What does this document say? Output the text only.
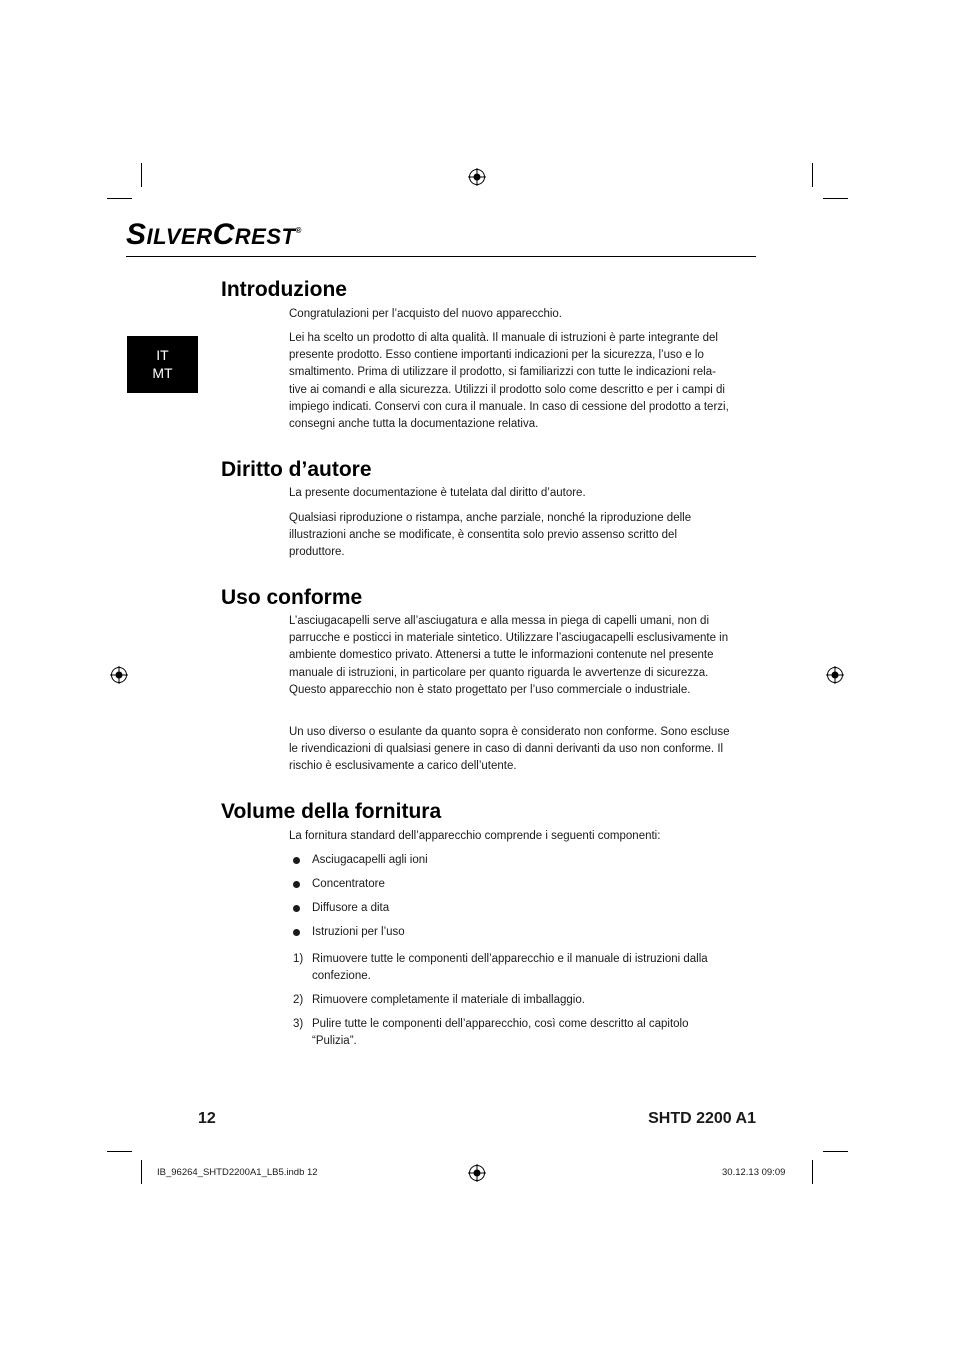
SILVERCREST®
IT
MT
Introduzione

Congratulazioni per l’acquisto del nuovo apparecchio.

Lei ha scelto un prodotto di alta qualità. Il manuale di istruzioni è parte integrante del presente prodotto. Esso contiene importanti indicazioni per la sicurezza, l’uso e lo smaltimento. Prima di utilizzare il prodotto, si familiarizzi con tutte le indicazioni rela- tive ai comandi e alla sicurezza. Utilizzi il prodotto solo come descritto e per i campi di impiego indicati. Conservi con cura il manuale. In caso di cessione del prodotto a terzi, consegni anche tutta la documentazione relativa.

Diritto d’autore

La presente documentazione è tutelata dal diritto d’autore.

Qualsiasi riproduzione o ristampa, anche parziale, nonché la riproduzione delle illustrazioni anche se modificate, è consentita solo previo assenso scritto del produttore.

Uso conforme

L’asciugacapelli serve all’asciugatura e alla messa in piega di capelli umani, non di parrucche e posticci in materiale sintetico. Utilizzare l’asciugacapelli esclusivamente in ambiente domestico privato. Attenersi a tutte le informazioni contenute nel presente manuale di istruzioni, in particolare per quanto riguarda le avvertenze di sicurezza. Questo apparecchio non è stato progettato per l’uso commerciale o industriale.

Un uso diverso o esulante da quanto sopra è considerato non conforme. Sono escluse le rivendicazioni di qualsiasi genere in caso di danni derivanti da uso non conforme. Il rischio è esclusivamente a carico dell’utente.

Volume della fornitura

La fornitura standard dell’apparecchio comprende i seguenti componenti:

Asciugacapelli agli ioni
Concentratore
Diffusore a dita
Istruzioni per l’uso
1) Rimuovere tutte le componenti dell’apparecchio e il manuale di istruzioni dalla confezione.
2) Rimuovere completamente il materiale di imballaggio.
3) Pulire tutte le componenti dell’apparecchio, così come descritto al capitolo “Pulizia”.
12	SHTD 2200 A1
IB_96264_SHTD2200A1_LB5.indb 12	30.12.13 09:09
